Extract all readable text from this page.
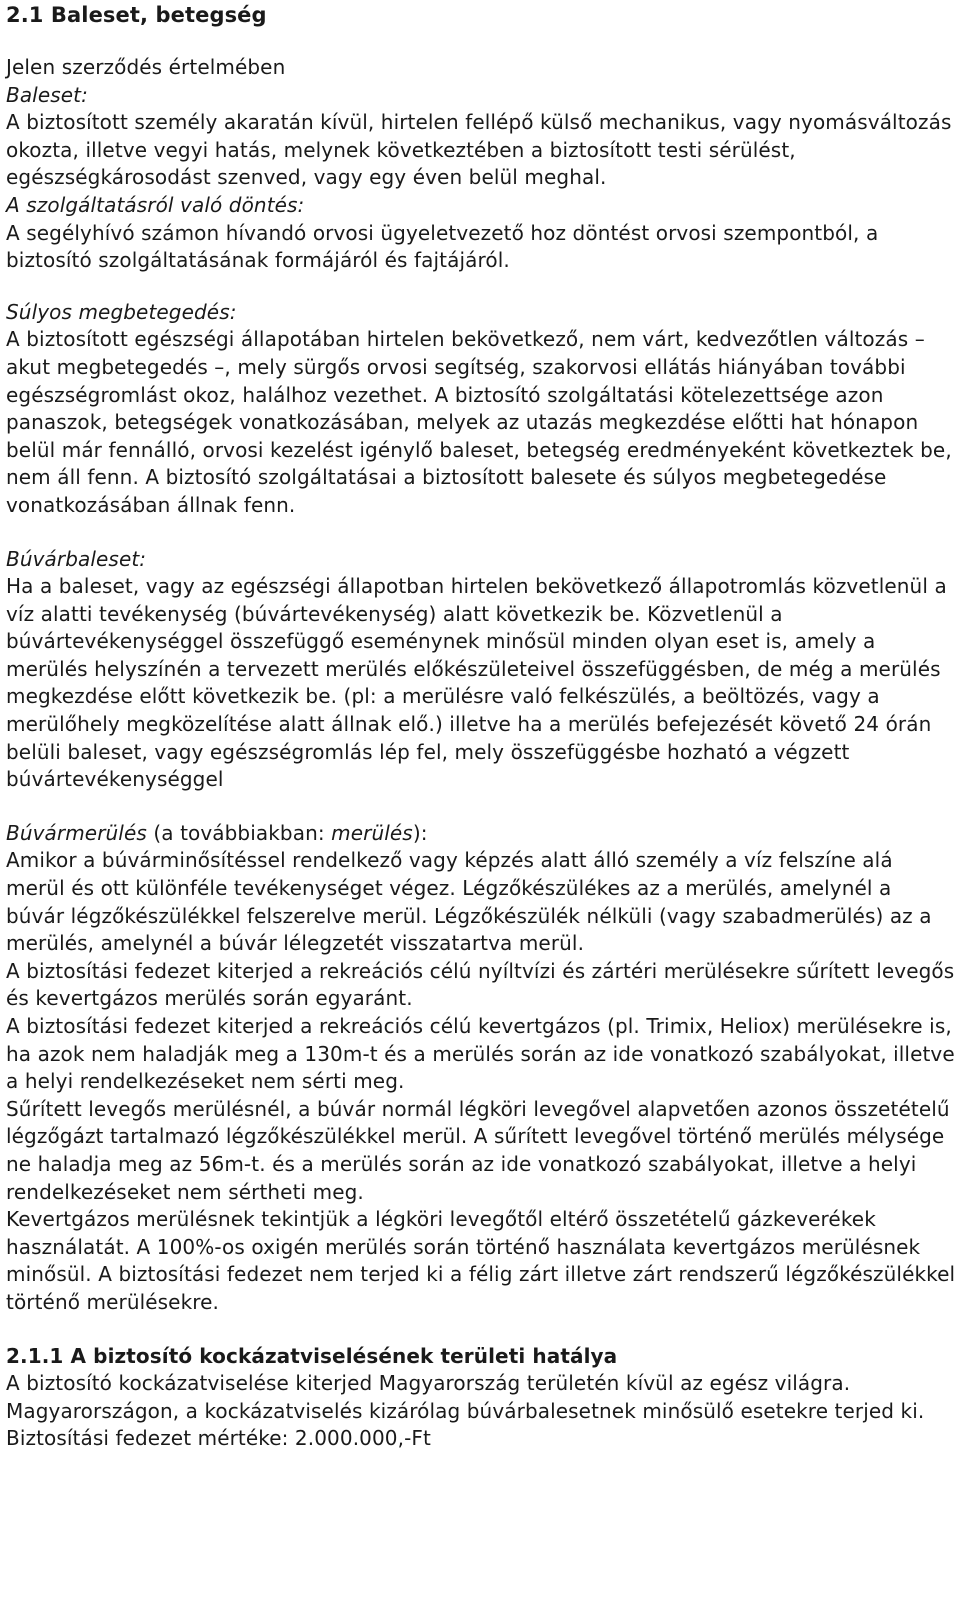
2.1 Baleset, betegség

Jelen szerződés értelmében

Baleset:

A biztosított személy akaratán kívül, hirtelen fellépő külső mechanikus, vagy nyomásváltozás okozta, illetve vegyi hatás, melynek következtében a biztosított testi sérülést, egészségkárosodást szenved, vagy egy éven belül meghal.

A szolgáltatásról való döntés:

A segélyhívó számon hívandó orvosi ügyeletvezető hoz döntést orvosi szempontból, a biztosító szolgáltatásának formájáról és fajtájáról.

Súlyos megbetegedés:

A biztosított egészségi állapotában hirtelen bekövetkező, nem várt, kedvezőtlen változás – akut megbetegedés –, mely sürgős orvosi segítség, szakorvosi ellátás hiányában további egészségromlást okoz, halálhoz vezethet. A biztosító szolgáltatási kötelezettsége azon panaszok, betegségek vonatkozásában, melyek az utazás megkezdése előtti hat hónapon belül már fennálló, orvosi kezelést igénylő baleset, betegség eredményeként következtek be, nem áll fenn. A biztosító szolgáltatásai a biztosított balesete és súlyos megbetegedése vonatkozásában állnak fenn.

Búvárbaleset:

Ha a baleset, vagy az egészségi állapotban hirtelen bekövetkező állapotromlás közvetlenül a víz alatti tevékenység (búvártevékenység) alatt következik be. Közvetlenül a búvártevékenységgel összefüggő eseménynek minősül minden olyan eset is, amely a merülés helyszínén a tervezett merülés előkészületeivel összefüggésben, de még a merülés megkezdése előtt következik be. (pl: a merülésre való felkészülés, a beöltözés, vagy a merülőhely megközelítése alatt állnak elő.) illetve ha a merülés befejezését követő 24 órán belüli baleset, vagy egészségromlás lép fel, mely összefüggésbe hozható a végzett búvártevékenységgel

Búvármerülés (a továbbiakban: merülés):

Amikor a búvárminősítéssel rendelkező vagy képzés alatt álló személy a víz felszíne alá merül és ott különféle tevékenységet végez. Légzőkészülékes az a merülés, amelynél a búvár légzőkészülékkel felszerelve merül. Légzőkészülék nélküli (vagy szabadmerülés) az a merülés, amelynél a búvár lélegzetét visszatartva merül.

A biztosítási fedezet kiterjed a rekreációs célú nyíltvízi és zártéri merülésekre sűrített levegős és kevertgázos merülés során egyaránt.

A biztosítási fedezet kiterjed a rekreációs célú kevertgázos (pl. Trimix, Heliox) merülésekre is, ha azok nem haladják meg a 130m-t és a merülés során az ide vonatkozó szabályokat, illetve a helyi rendelkezéseket nem sérti meg.

Sűrített levegős merülésnél, a búvár normál légköri levegővel alapvetően azonos összetételű légzőgázt tartalmazó légzőkészülékkel merül. A sűrített levegővel történő merülés mélysége ne haladja meg az 56m-t. és a merülés során az ide vonatkozó szabályokat, illetve a helyi rendelkezéseket nem sértheti meg.

Kevertgázos merülésnek tekintjük a légköri levegőtől eltérő összetételű gázkeverékek használatát. A 100%-os oxigén merülés során történő használata kevertgázos merülésnek minősül. A biztosítási fedezet nem terjed ki a félig zárt illetve zárt rendszerű légzőkészülékkel történő merülésekre.

2.1.1 A biztosító kockázatviselésének területi hatálya

A biztosító kockázatviselése kiterjed Magyarország területén kívül az egész világra. Magyarországon, a kockázatviselés kizárólag búvárbalesetnek minősülő esetekre terjed ki. Biztosítási fedezet mértéke: 2.000.000,-Ft
